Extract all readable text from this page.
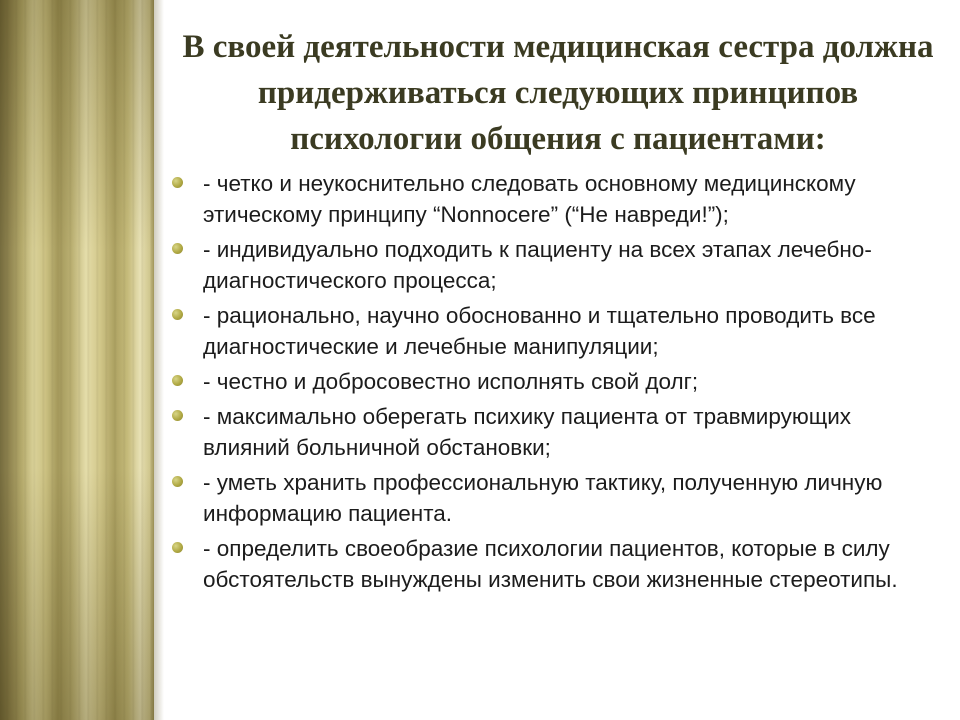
В своей деятельности медицинская сестра должна придерживаться следующих принципов психологии общения с пациентами:
- четко и неукоснительно следовать основному медицинскому этическому принципу “Nonnocere” (“Не навреди!”);
- индивидуально подходить к пациенту на всех этапах лечебно- диагностического процесса;
- рационально, научно обоснованно и тщательно проводить все диагностические и лечебные манипуляции;
- честно и добросовестно исполнять свой долг;
- максимально оберегать психику пациента от травмирующих влияний больничной обстановки;
- уметь хранить профессиональную тактику, полученную личную информацию пациента.
- определить своеобразие психологии пациентов, которые в силу обстоятельств вынуждены изменить свои жизненные стереотипы.
